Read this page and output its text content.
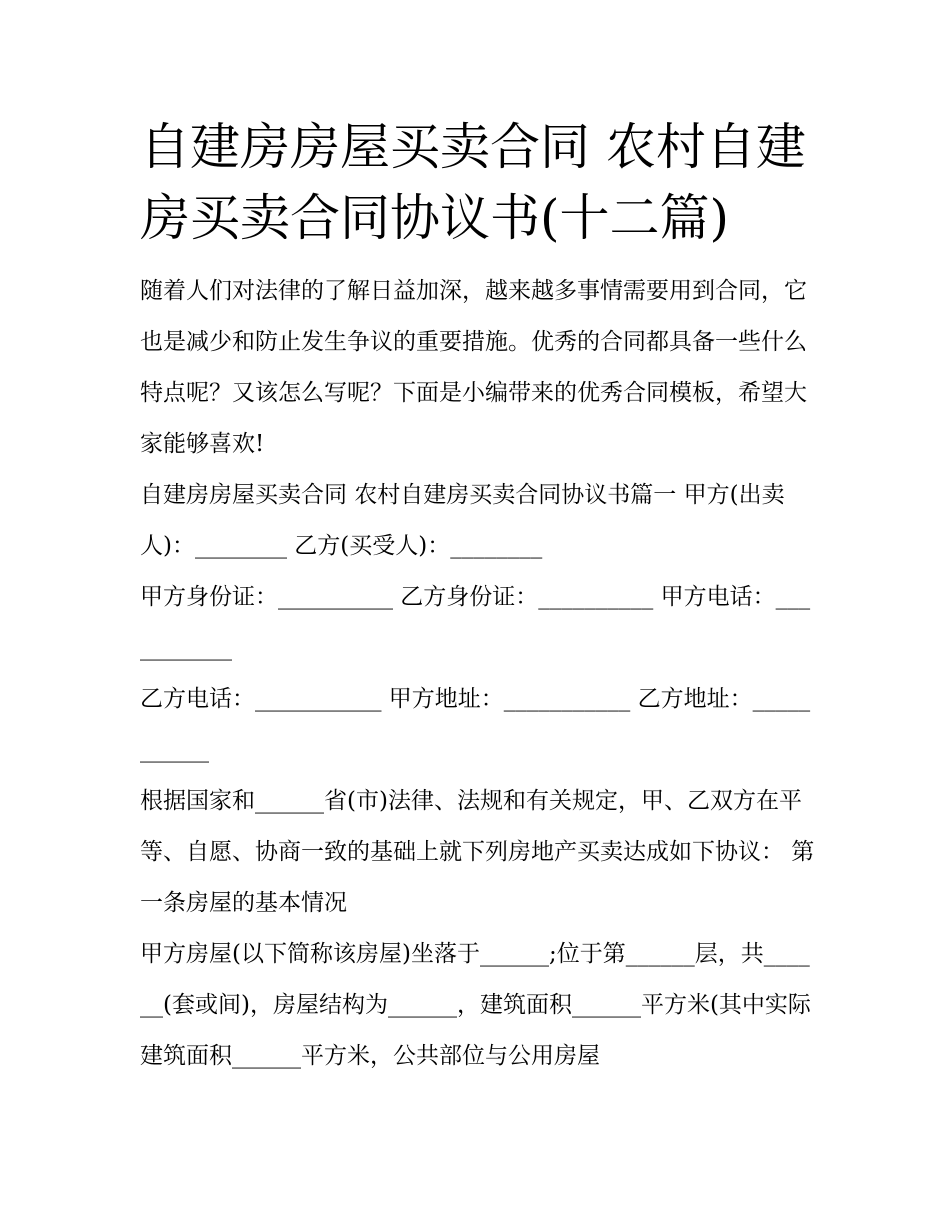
自建房房屋买卖合同 农村自建房买卖合同协议书(十二篇)

随着人们对法律的了解日益加深，越来越多事情需要用到合同，它也是减少和防止发生争议的重要措施。优秀的合同都具备一些什么特点呢？又该怎么写呢？下面是小编带来的优秀合同模板，希望大家能够喜欢!

自建房房屋买卖合同 农村自建房买卖合同协议书篇一 甲方(出卖人)：________ 乙方(买受人)：________

甲方身份证：__________ 乙方身份证：__________ 甲方电话：___________

乙方电话：___________ 甲方地址：___________ 乙方地址：___________

根据国家和______省(市)法律、法规和有关规定，甲、乙双方在平等、自愿、协商一致的基础上就下列房地产买卖达成如下协议： 第一条房屋的基本情况

甲方房屋(以下简称该房屋)坐落于______;位于第______层，共______(套或间)，房屋结构为______，建筑面积______平方米(其中实际建筑面积______平方米，公共部位与公用房屋
